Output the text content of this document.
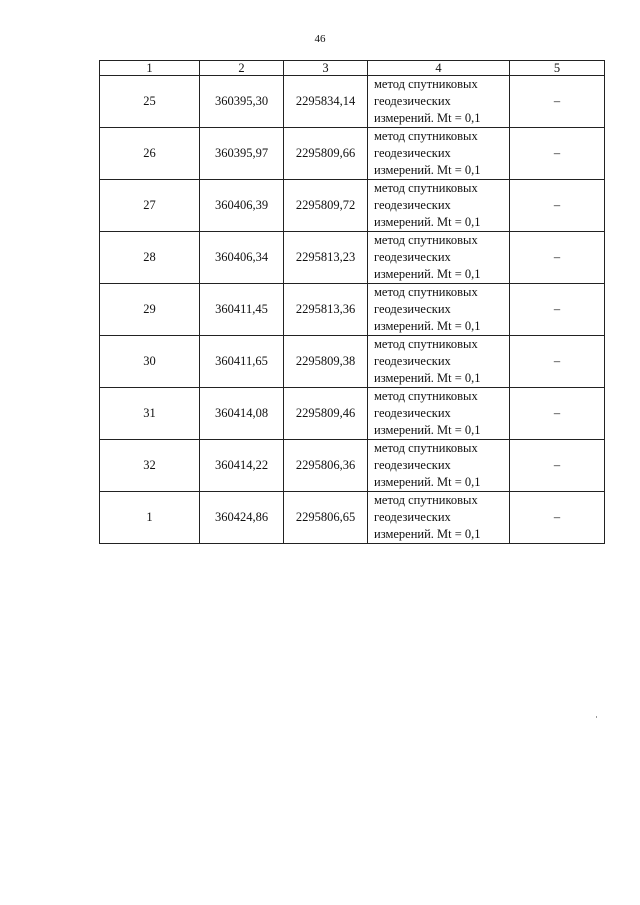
46
1	2	3	4	5
25	360395,30	2295834,14	метод спутниковых
геодезических
измерений. Mt = 0,1	–
26	360395,97	2295809,66	метод спутниковых
геодезических
измерений. Mt = 0,1	–
27	360406,39	2295809,72	метод спутниковых
геодезических
измерений. Mt = 0,1	–
28	360406,34	2295813,23	метод спутниковых
геодезических
измерений. Mt = 0,1	–
29	360411,45	2295813,36	метод спутниковых
геодезических
измерений. Mt = 0,1	–
30	360411,65	2295809,38	метод спутниковых
геодезических
измерений. Mt = 0,1	–
31	360414,08	2295809,46	метод спутниковых
геодезических
измерений. Mt = 0,1	–
32	360414,22	2295806,36	метод спутниковых
геодезических
измерений. Mt = 0,1	–
1	360424,86	2295806,65	метод спутниковых
геодезических
измерений. Mt = 0,1	–
